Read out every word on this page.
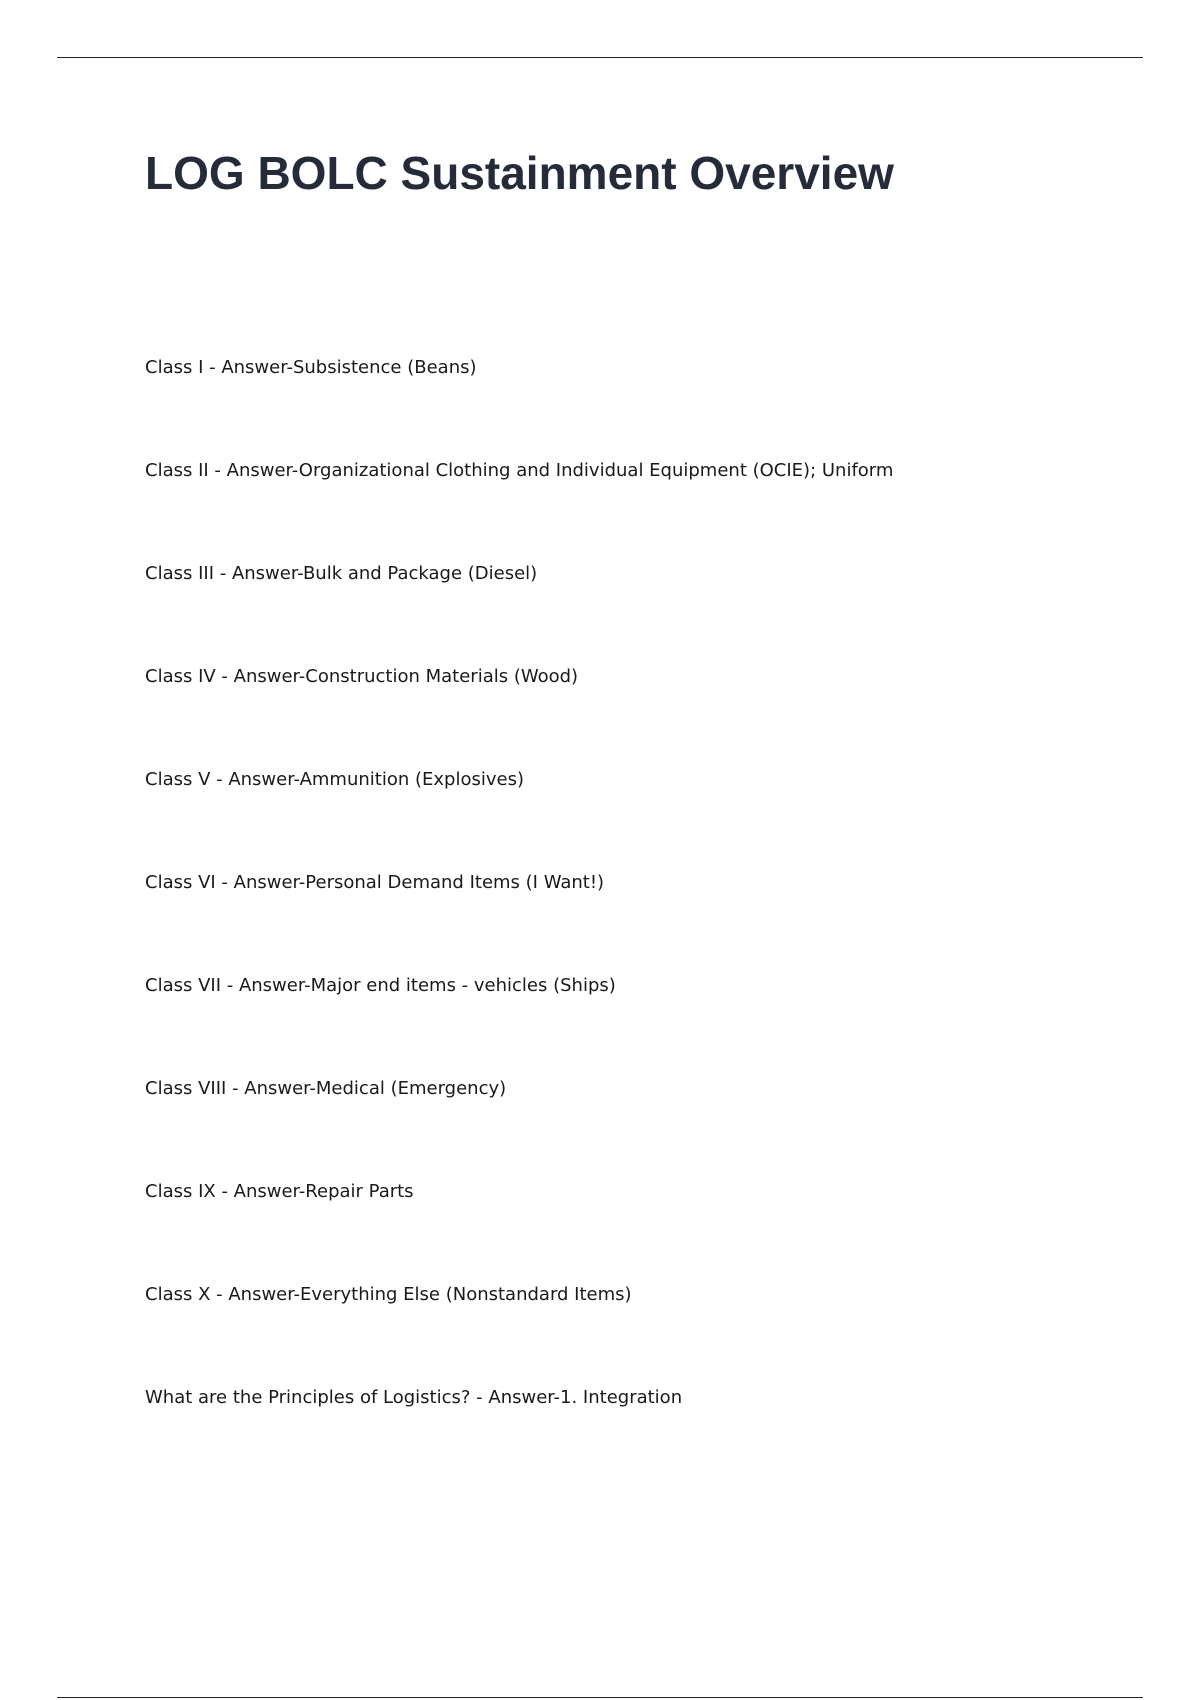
LOG BOLC Sustainment Overview
Class I - Answer-Subsistence (Beans)
Class II - Answer-Organizational Clothing and Individual Equipment (OCIE); Uniform
Class III - Answer-Bulk and Package (Diesel)
Class IV - Answer-Construction Materials (Wood)
Class V - Answer-Ammunition (Explosives)
Class VI - Answer-Personal Demand Items (I Want!)
Class VII - Answer-Major end items - vehicles (Ships)
Class VIII - Answer-Medical (Emergency)
Class IX - Answer-Repair Parts
Class X - Answer-Everything Else (Nonstandard Items)
What are the Principles of Logistics? - Answer-1. Integration
